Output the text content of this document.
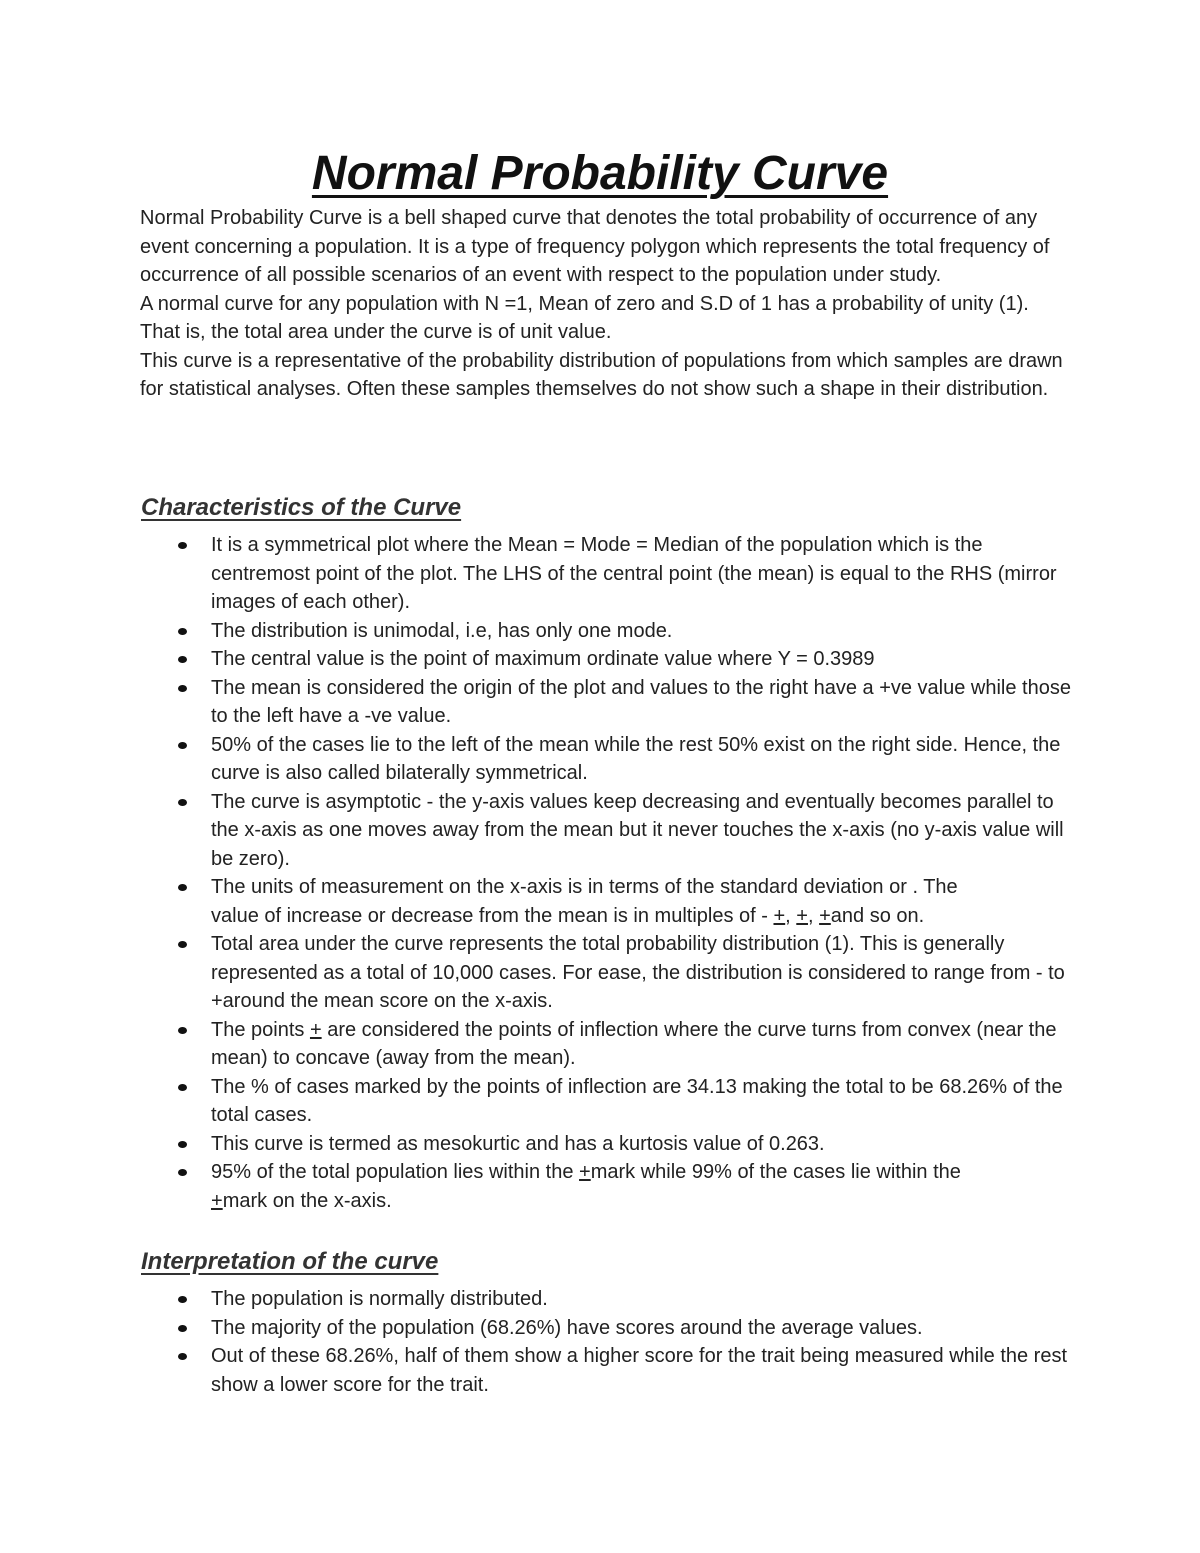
Normal Probability Curve

Normal Probability Curve is a bell shaped curve that denotes the total probability of occurrence of any event concerning a population. It is a type of frequency polygon which represents the total frequency of occurrence of all possible scenarios of an event with respect to the population under study.

A normal curve for any population with N =1, Mean of zero and S.D of 1 has a probability of unity (1). That is, the total area under the curve is of unit value.

This curve is a representative of the probability distribution of populations from which samples are drawn for statistical analyses. Often these samples themselves do not show such a shape in their distribution.

Characteristics of the Curve
It is a symmetrical plot where the Mean = Mode = Median of the population which is the centremost point of the plot. The LHS of the central point (the mean) is equal to the RHS (mirror images of each other).
The distribution is unimodal, i.e, has only one mode.
The central value is the point of maximum ordinate value where Y = 0.3989
The mean is considered the origin of the plot and values to the right have a +ve value while those to the left have a -ve value.
50% of the cases lie to the left of the mean while the rest 50% exist on the right side. Hence, the curve is also called bilaterally symmetrical.
The curve is asymptotic - the y-axis values keep decreasing and eventually becomes parallel to the x-axis as one moves away from the mean but it never touches the x-axis (no y-axis value will be zero).
The units of measurement on the x-axis is in terms of the standard deviation or . The
value of increase or decrease from the mean is in multiples of - +, +, +and so on.
Total area under the curve represents the total probability distribution (1). This is generally represented as a total of 10,000 cases. For ease, the distribution is considered to range from - to +around the mean score on the x-axis.
The points + are considered the points of inflection where the curve turns from convex (near the mean) to concave (away from the mean).
The % of cases marked by the points of inflection are 34.13 making the total to be 68.26% of the total cases.
This curve is termed as mesokurtic and has a kurtosis value of 0.263.
95% of the total population lies within the +mark while 99% of the cases lie within the
+mark on the x-axis.
Interpretation of the curve
The population is normally distributed.
The majority of the population (68.26%) have scores around the average values.
Out of these 68.26%, half of them show a higher score for the trait being measured while the rest show a lower score for the trait.
